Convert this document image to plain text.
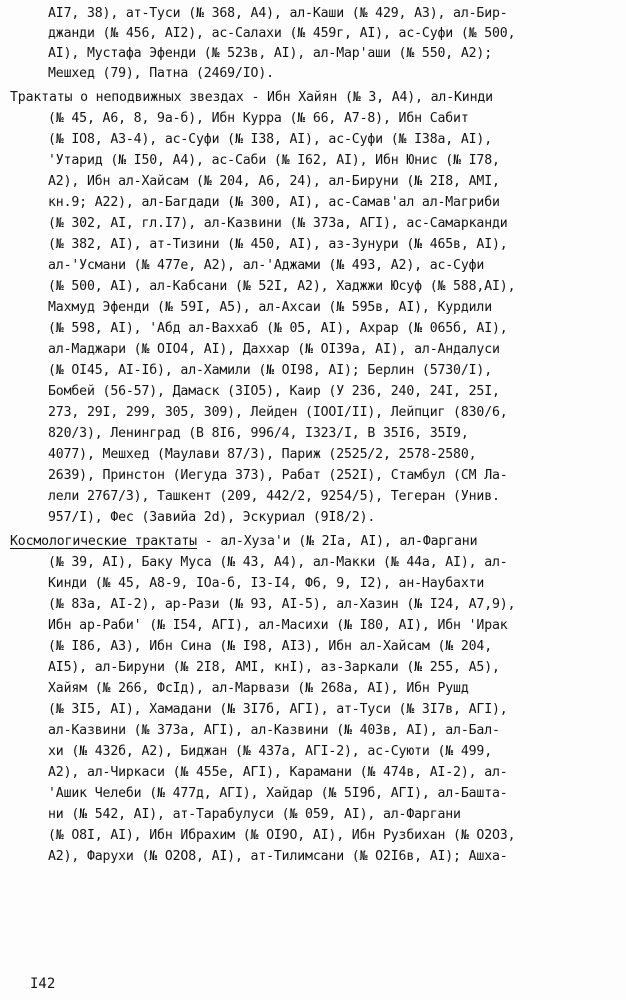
AI7, 38), ат-Туси (№ 368, A4), ал-Каши (№ 429, A3), ал-Бир-
джанди (№ 456, AI2), ас-Салахи (№ 459г, AI), ас-Суфи (№ 500,
AI), Мустафа Эфенди (№ 523в, AI), ал-Мар'аши (№ 550, A2);
Мешхед (79), Патна (2469/IO).
Трактаты о неподвижных звездах - Ибн Хайян (№ 3, A4), ал-Кинди
(№ 45, A6, 8, 9а-б), Ибн Курра (№ 66, A7-8), Ибн Сабит
(№ IO8, A3-4), ас-Суфи (№ I38, AI), ас-Суфи (№ I38а, AI),
'Утарид (№ I50, A4), ас-Саби (№ I62, AI), Ибн Юнис (№ I78,
A2), Ибн ал-Хайсам (№ 204, A6, 24), ал-Бируни (№ 2I8, AMI,
кн.9; A22), ал-Багдади (№ 300, AI), ас-Самав'ал ал-Магриби
(№ 302, AI, гл.I7), ал-Казвини (№ 373а, AГI), ас-Самарканди
(№ 382, AI), ат-Тизини (№ 450, AI), аз-Зунури (№ 465в, AI),
ал-'Усмани (№ 477е, A2), ал-'Аджами (№ 493, A2), ас-Суфи
(№ 500, AI), ал-Кабсани (№ 52I, A2), Хаджжи Юсуф (№ 588,AI),
Махмуд Эфенди (№ 59I, A5), ал-Ахсаи (№ 595в, AI), Курдили
(№ 598, AI), 'Абд ал-Ваххаб (№ 05, AI), Ахрар (№ 065б, AI),
ал-Маджари (№ OIO4, AI), Даххар (№ OI39а, AI), ал-Андалуси
(№ OI45, AI-Iб), ал-Хамили (№ OI98, AI); Берлин (5730/I),
Бомбей (56-57), Дамаск (3IO5), Каир (У 236, 240, 24I, 25I,
273, 29I, 299, 305, 309), Лейден (IOOI/II), Лейпциг (830/6,
820/3), Ленинград (В 8I6, 996/4, I323/I, В 35I6, 35I9,
4077), Мешхед (Маулави 87/3), Париж (2525/2, 2578-2580,
2639), Принстон (Иегуда 373), Рабат (252I), Стамбул (СМ Ла-
лели 2767/3), Ташкент (209, 442/2, 9254/5), Тегеран (Унив.
957/I), Фес (Завийа 2d), Эскуриал (9I8/2).
Космологические трактаты - ал-Хуза'и (№ 2Iа, AI), ал-Фаргани
(№ 39, AI), Баку Муса (№ 43, A4), ал-Макки (№ 44а, AI), ал-
Кинди (№ 45, A8-9, IOа-б, I3-I4, Ф6, 9, I2), ан-Наубахти
(№ 83а, AI-2), ар-Рази (№ 93, AI-5), ал-Хазин (№ I24, A7,9),
Ибн ар-Раби' (№ I54, AГI), ал-Масихи (№ I80, AI), Ибн 'Ирак
(№ I86, A3), Ибн Сина (№ I98, AI3), Ибн ал-Хайсам (№ 204,
AI5), ал-Бируни (№ 2I8, AMI, кнI), аз-Заркали (№ 255, A5),
Хайям (№ 266, ФсIд), ал-Марвази (№ 268а, AI), Ибн Рушд
(№ 3I5, AI), Хамадани (№ 3I7б, AГI), ат-Туси (№ 3I7в, AГI),
ал-Казвини (№ 373а, AГI), ал-Казвини (№ 403в, AI), ал-Бал-
хи (№ 432б, A2), Биджан (№ 437а, AГI-2), ас-Суюти (№ 499,
A2), ал-Чиркаси (№ 455е, AГI), Карамани (№ 474в, AI-2), ал-
'Ашик Челеби (№ 477д, AГI), Хайдар (№ 5I9б, AГI), ал-Баштa-
ни (№ 542, AI), ат-Тарабулуси (№ 059, AI), ал-Фаргани
(№ O8I, AI), Ибн Ибрахим (№ OI9O, AI), Ибн Рузбихан (№ O2O3,
A2), Фарухи (№ O2O8, AI), ат-Тилимсани (№ O2I6в, AI); Ашха-
I42
